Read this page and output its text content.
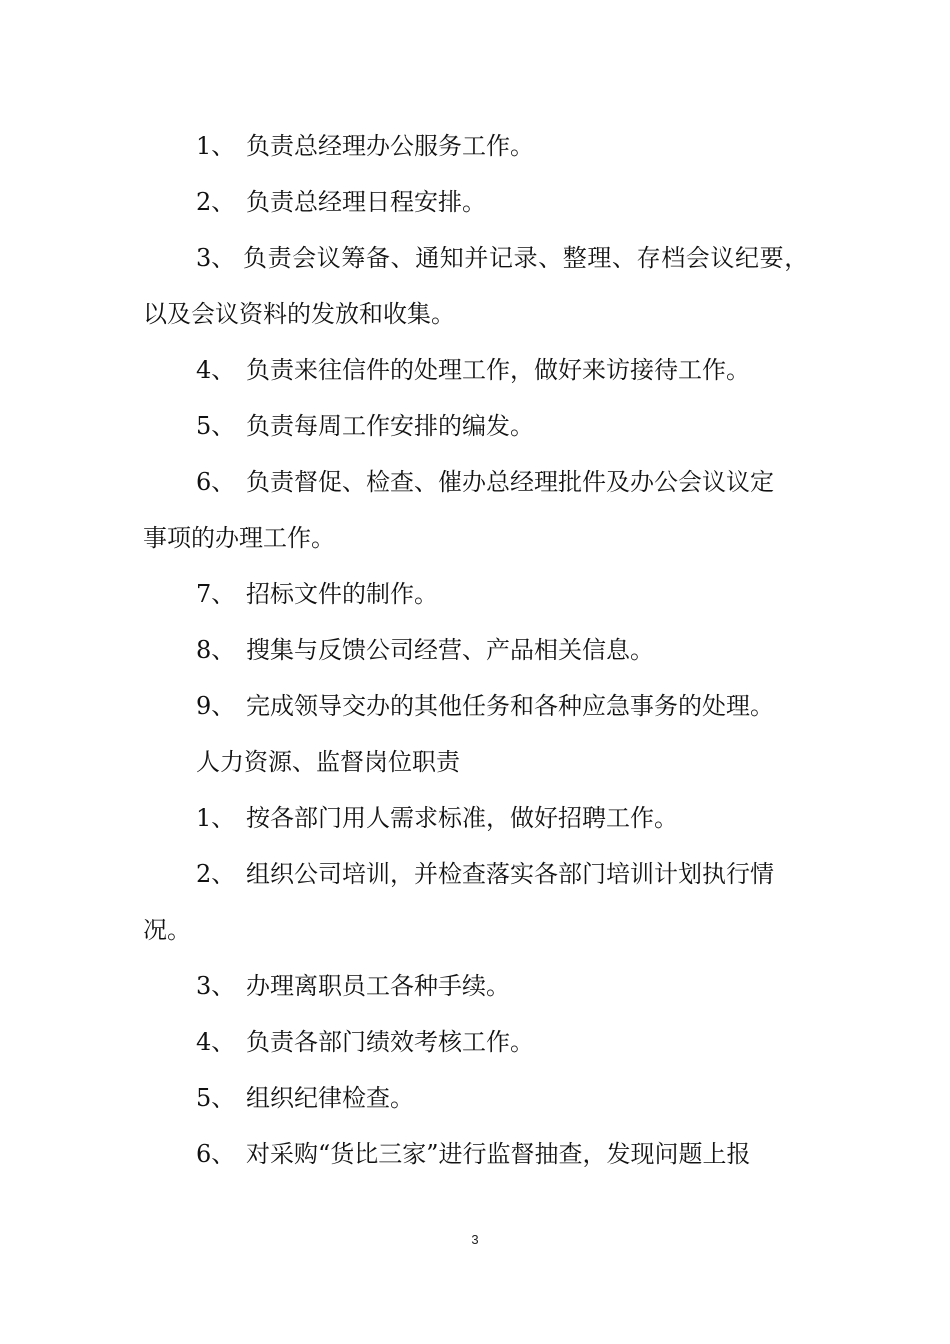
1、 负责总经理办公服务工作。
2、 负责总经理日程安排。
3、 负责会议筹备、通知并记录、整理、存档会议纪要，
以及会议资料的发放和收集。
4、 负责来往信件的处理工作，做好来访接待工作。
5、 负责每周工作安排的编发。
6、 负责督促、检查、催办总经理批件及办公会议议定
事项的办理工作。
7、 招标文件的制作。
8、 搜集与反馈公司经营、产品相关信息。
9、 完成领导交办的其他任务和各种应急事务的处理。
人力资源、监督岗位职责
1、 按各部门用人需求标准，做好招聘工作。
2、 组织公司培训，并检查落实各部门培训计划执行情
况。
3、 办理离职员工各种手续。
4、 负责各部门绩效考核工作。
5、 组织纪律检查。
6、 对采购“货比三家”进行监督抽查，发现问题上报
3
